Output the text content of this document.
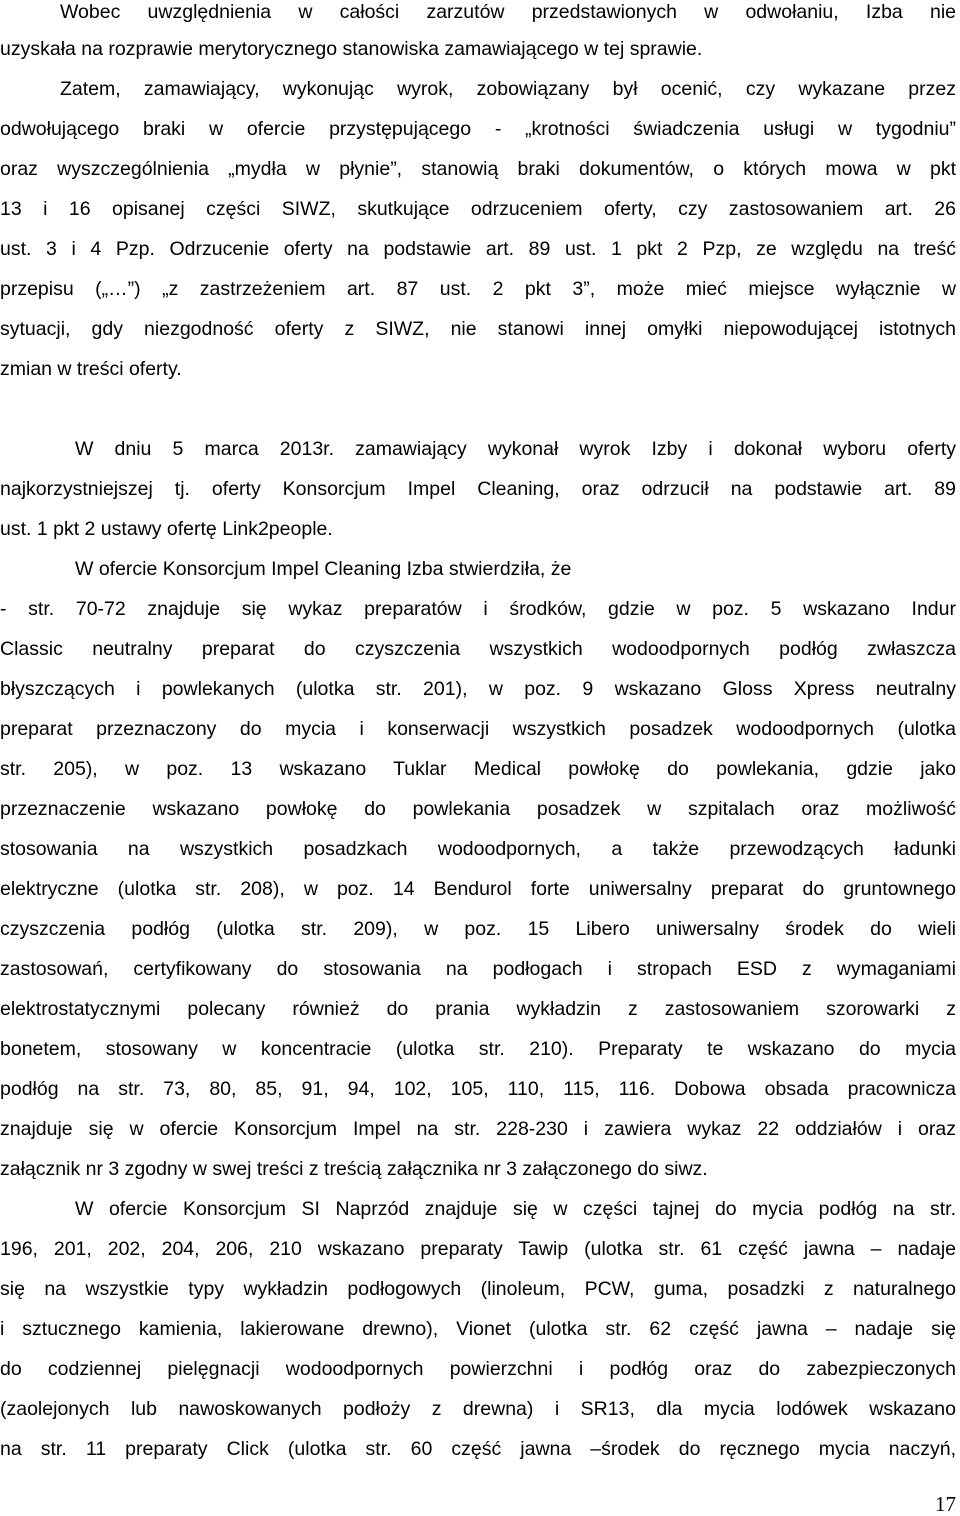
Wobec uwzględnienia w całości zarzutów przedstawionych w odwołaniu, Izba nie
uzyskała na rozprawie merytorycznego stanowiska zamawiającego w tej sprawie.
Zatem, zamawiający, wykonując wyrok, zobowiązany był ocenić, czy wykazane przez
odwołującego braki w ofercie przystępującego - „krotności świadczenia usługi w tygodniu”
oraz wyszczególnienia „mydła w płynie”, stanowią braki dokumentów, o których mowa w pkt
13 i 16 opisanej części SIWZ, skutkujące odrzuceniem oferty, czy zastosowaniem art. 26
ust. 3 i 4 Pzp. Odrzucenie oferty na podstawie art. 89 ust. 1 pkt 2 Pzp, ze względu na treść
przepisu („…”) „z zastrzeżeniem art. 87 ust. 2 pkt 3”, może mieć miejsce wyłącznie w
sytuacji, gdy niezgodność oferty z SIWZ, nie stanowi innej omyłki niepowodującej istotnych
zmian w treści oferty.
W dniu 5 marca 2013r. zamawiający wykonał wyrok Izby i dokonał wyboru oferty
najkorzystniejszej tj. oferty Konsorcjum Impel Cleaning, oraz odrzucił na podstawie art. 89
ust. 1 pkt 2 ustawy ofertę Link2people.
W ofercie Konsorcjum Impel Cleaning Izba stwierdziła, że
- str. 70-72 znajduje się wykaz preparatów i środków, gdzie w poz. 5 wskazano Indur
Classic neutralny preparat do czyszczenia wszystkich wodoodpornych podłóg zwłaszcza
błyszczących i powlekanych (ulotka str. 201), w poz. 9 wskazano Gloss Xpress neutralny
preparat przeznaczony do mycia i konserwacji wszystkich posadzek wodoodpornych (ulotka
str. 205), w poz. 13 wskazano Tuklar Medical powłokę do powlekania, gdzie jako
przeznaczenie wskazano powłokę do powlekania posadzek w szpitalach oraz możliwość
stosowania na wszystkich posadzkach wodoodpornych, a także przewodzących ładunki
elektryczne (ulotka str. 208), w poz. 14 Bendurol forte uniwersalny preparat do gruntownego
czyszczenia podłóg (ulotka str. 209), w poz. 15 Libero uniwersalny środek do wieli
zastosowań, certyfikowany do stosowania na podłogach i stropach ESD z wymaganiami
elektrostatycznymi polecany również do prania wykładzin z zastosowaniem szorowarki z
bonetem, stosowany w koncentracie (ulotka str. 210). Preparaty te wskazano do mycia
podłóg na str. 73, 80, 85, 91, 94, 102, 105, 110, 115, 116. Dobowa obsada pracownicza
znajduje się w ofercie Konsorcjum Impel na str. 228-230 i zawiera wykaz 22 oddziałów i oraz
załącznik nr 3 zgodny w swej treści z treścią załącznika nr 3 załączonego do siwz.
W ofercie Konsorcjum SI Naprzód znajduje się w części tajnej do mycia podłóg na str.
196, 201, 202, 204, 206, 210 wskazano preparaty Tawip (ulotka str. 61 część jawna – nadaje
się na wszystkie typy wykładzin podłogowych (linoleum, PCW, guma, posadzki z naturalnego
i sztucznego kamienia, lakierowane drewno), Vionet (ulotka str. 62 część jawna – nadaje się
do codziennej pielęgnacji wodoodpornych powierzchni i podłóg oraz do zabezpieczonych
(zaolejonych lub nawoskowanych podłoży z drewna) i SR13, dla mycia lodówek wskazano
na str. 11 preparaty Click (ulotka str. 60 część jawna –środek do ręcznego mycia naczyń,
17
